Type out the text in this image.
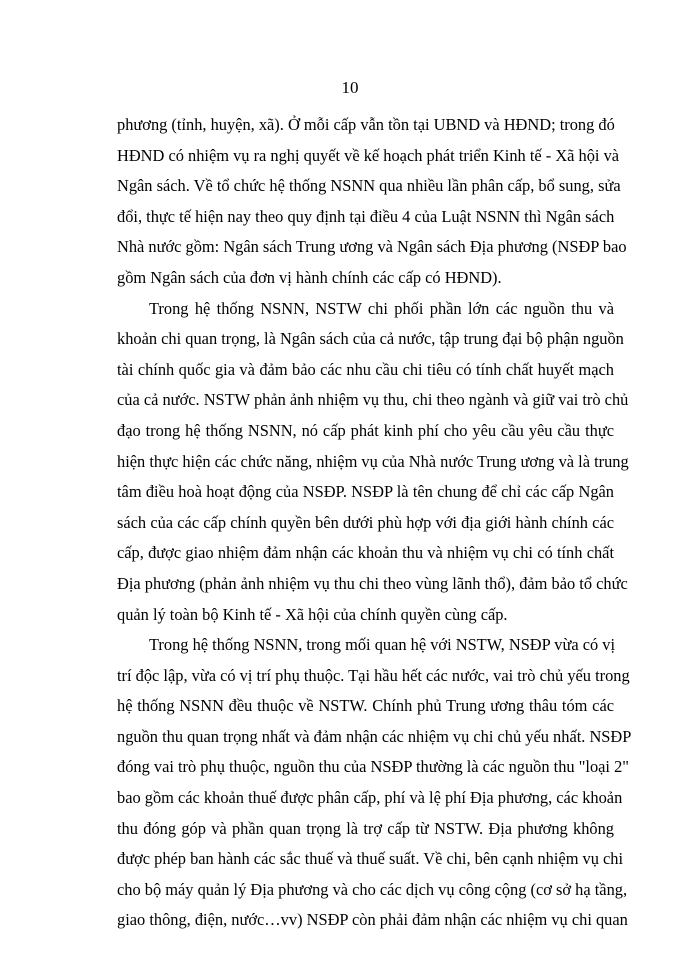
10
phương (tỉnh, huyện, xã). Ở mỗi cấp vẫn tồn tại UBND và HĐND; trong đó
HĐND có nhiệm vụ ra nghị quyết về kế hoạch phát triển Kinh tế - Xã hội và
Ngân sách. Về tổ chức hệ thống NSNN qua nhiều lần phân cấp, bổ sung, sửa
đổi, thực tế hiện nay theo quy định tại điều 4 của Luật NSNN thì Ngân sách
Nhà nước gồm: Ngân sách Trung ương và Ngân sách Địa phương (NSĐP bao
gồm Ngân sách của đơn vị hành chính các cấp có HĐND).
Trong hệ thống NSNN, NSTW chi phối phần lớn các nguồn thu và
khoản chi quan trọng, là Ngân sách của cả nước, tập trung đại bộ phận nguồn
tài chính quốc gia và đảm bảo các nhu cầu chi tiêu có tính chất huyết mạch
của cả nước. NSTW phản ảnh nhiệm vụ thu, chi theo ngành và giữ vai trò chủ
đạo trong hệ thống NSNN, nó cấp phát kinh phí cho yêu cầu yêu cầu thực
hiện thực hiện các chức năng, nhiệm vụ của Nhà nước Trung ương và là trung
tâm điều hoà hoạt động của NSĐP. NSĐP là tên chung để chỉ các cấp Ngân
sách của các cấp chính quyền bên dưới phù hợp với địa giới hành chính các
cấp, được giao nhiệm đảm nhận các khoản thu và nhiệm vụ chi có tính chất
Địa phương (phản ảnh nhiệm vụ thu chi theo vùng lãnh thổ), đảm bảo tổ chức
quản lý toàn bộ Kinh tế - Xã hội của chính quyền cùng cấp.
Trong hệ thống NSNN, trong mối quan hệ với NSTW, NSĐP vừa có vị
trí độc lập, vừa có vị trí phụ thuộc. Tại hầu hết các nước, vai trò chủ yếu trong
hệ thống NSNN đều thuộc về NSTW. Chính phủ Trung ương thâu tóm các
nguồn thu quan trọng nhất và đảm nhận các nhiệm vụ chi chủ yếu nhất. NSĐP
đóng vai trò phụ thuộc, nguồn thu của NSĐP thường là các nguồn thu "loại 2"
bao gồm các khoản thuế được phân cấp, phí và lệ phí Địa phương, các khoản
thu đóng góp và phần quan trọng là trợ cấp từ NSTW. Địa phương không
được phép ban hành các sắc thuế và thuế suất. Về chi, bên cạnh nhiệm vụ chi
cho bộ máy quản lý Địa phương và cho các dịch vụ công cộng (cơ sở hạ tầng,
giao thông, điện, nước…vv) NSĐP còn phải đảm nhận các nhiệm vụ chi quan
